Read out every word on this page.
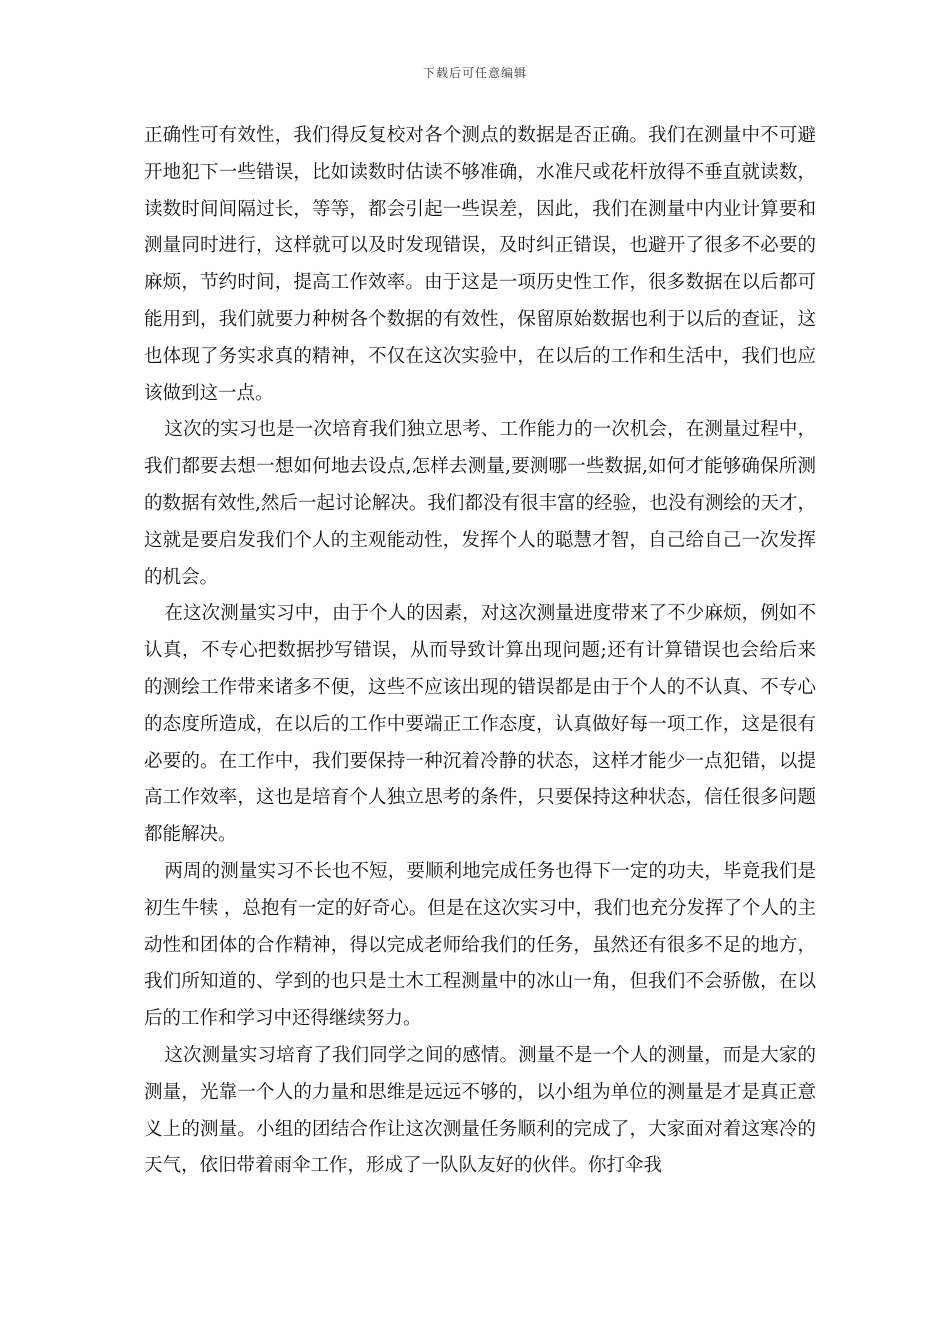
下载后可任意编辑

正确性可有效性，我们得反复校对各个测点的数据是否正确。我们在测量中不可避开地犯下一些错误，比如读数时估读不够准确，水准尺或花杆放得不垂直就读数，读数时间间隔过长，等等，都会引起一些误差，因此，我们在测量中内业计算要和测量同时进行，这样就可以及时发现错误，及时纠正错误，也避开了很多不必要的麻烦，节约时间，提高工作效率。由于这是一项历史性工作，很多数据在以后都可能用到，我们就要力种树各个数据的有效性，保留原始数据也利于以后的查证，这也体现了务实求真的精神，不仅在这次实验中，在以后的工作和生活中，我们也应该做到这一点。

这次的实习也是一次培育我们独立思考、工作能力的一次机会，在测量过程中，我们都要去想一想如何地去设点,怎样去测量,要测哪一些数据,如何才能够确保所测的数据有效性,然后一起讨论解决。我们都没有很丰富的经验，也没有测绘的天才，这就是要启发我们个人的主观能动性，发挥个人的聪慧才智，自己给自己一次发挥的机会。

在这次测量实习中，由于个人的因素，对这次测量进度带来了不少麻烦，例如不认真，不专心把数据抄写错误，从而导致计算出现问题;还有计算错误也会给后来的测绘工作带来诸多不便，这些不应该出现的错误都是由于个人的不认真、不专心的态度所造成，在以后的工作中要端正工作态度，认真做好每一项工作，这是很有必要的。在工作中，我们要保持一种沉着冷静的状态，这样才能少一点犯错，以提高工作效率，这也是培育个人独立思考的条件，只要保持这种状态，信任很多问题都能解决。

两周的测量实习不长也不短，要顺利地完成任务也得下一定的功夫，毕竟我们是 初生牛犊 ，总抱有一定的好奇心。但是在这次实习中，我们也充分发挥了个人的主动性和团体的合作精神，得以完成老师给我们的任务，虽然还有很多不足的地方，我们所知道的、学到的也只是土木工程测量中的冰山一角，但我们不会骄傲，在以后的工作和学习中还得继续努力。

这次测量实习培育了我们同学之间的感情。测量不是一个人的测量，而是大家的测量，光靠一个人的力量和思维是远远不够的，以小组为单位的测量是才是真正意义上的测量。小组的团结合作让这次测量任务顺利的完成了，大家面对着这寒冷的天气，依旧带着雨伞工作，形成了一队队友好的伙伴。你打伞我
